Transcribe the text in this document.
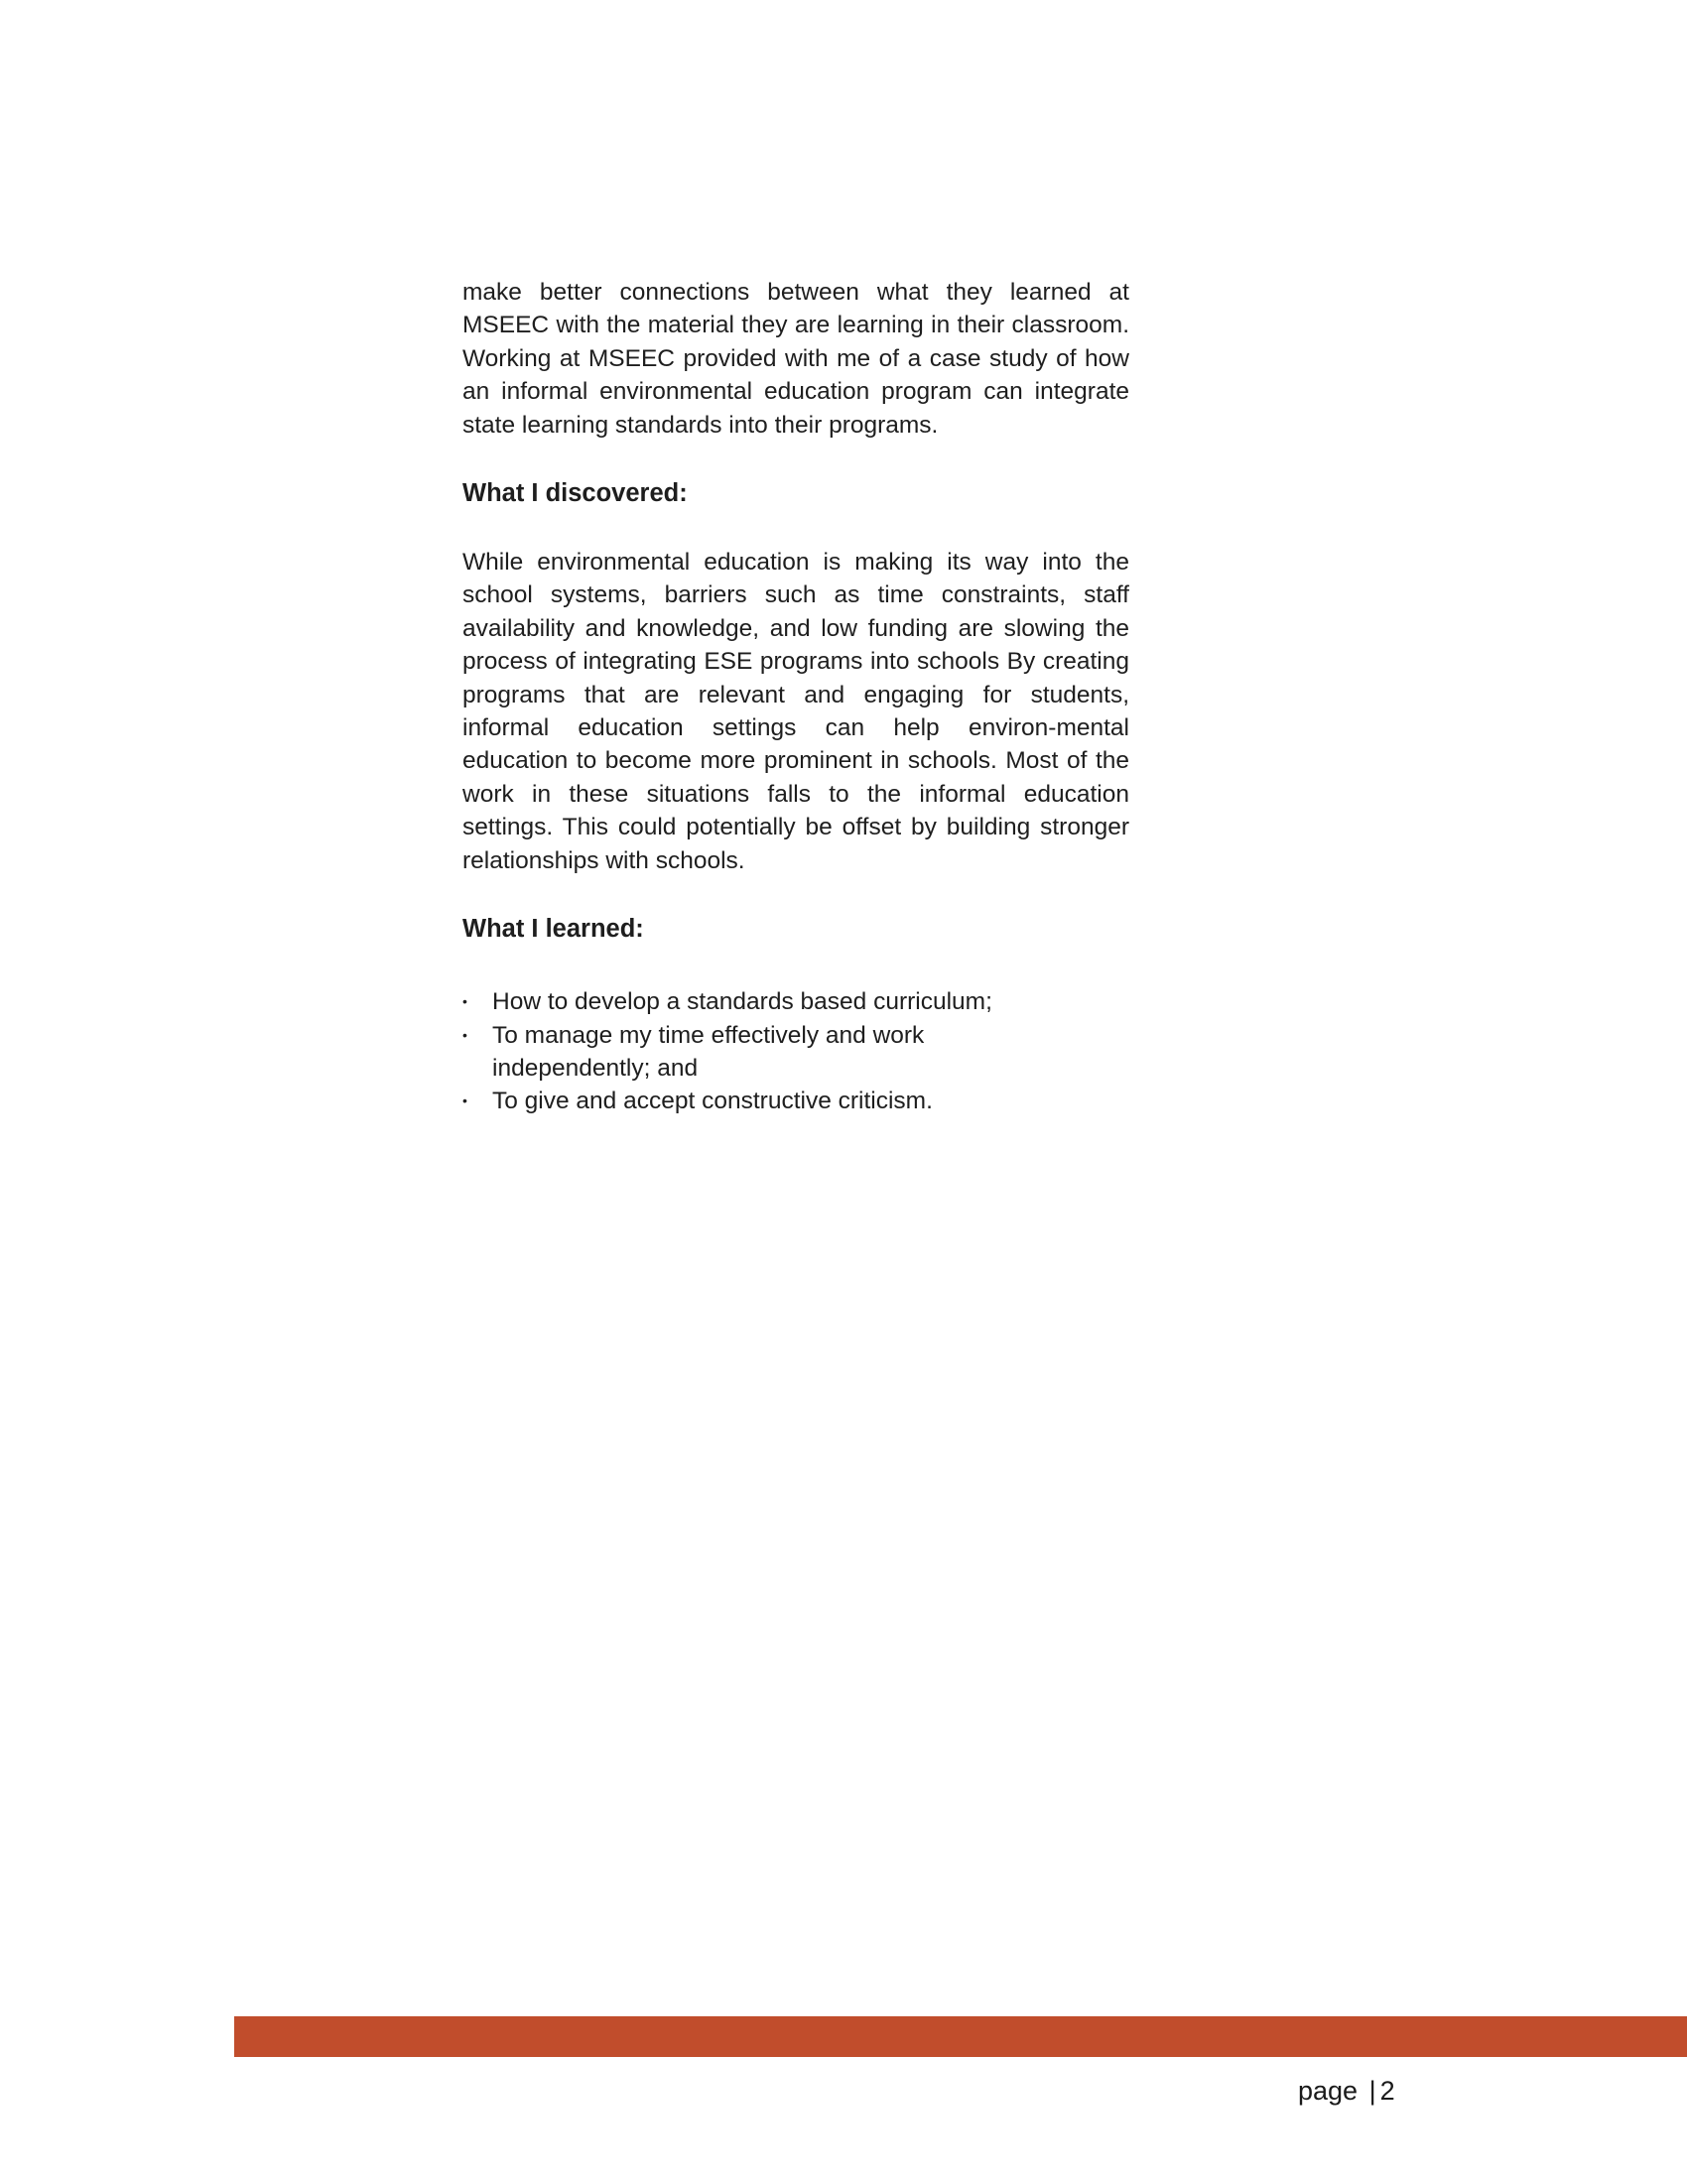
make better connections between what they learned at MSEEC with the material they are learning in their classroom. Working at MSEEC provided with me of a case study of how an informal environmental education program can integrate state learning standards into their programs.

What I discovered:

While environmental education is making its way into the school systems, barriers such as time constraints, staff availability and knowledge, and low funding are slowing the process of integrating ESE programs into schools By creating programs that are relevant and engaging for students, informal education settings can help environ-mental education to become more prominent in schools. Most of the work in these situations falls to the informal education settings. This could potentially be offset by building stronger relationships with schools.

What I learned:
• How to develop a standards based curriculum;
• To manage my time effectively and work independently; and
• To give and accept constructive criticism.
page | 2
